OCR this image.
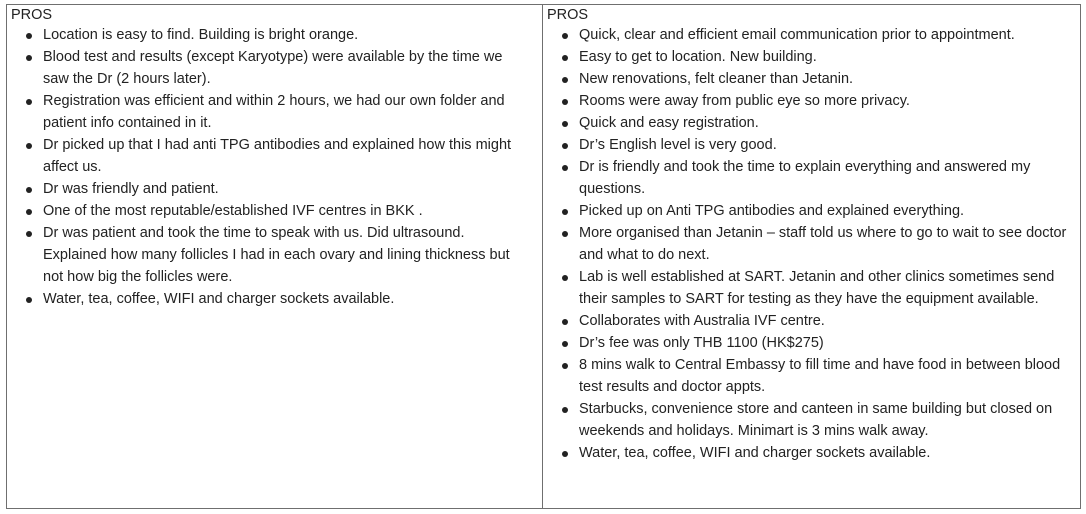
PROS
Location is easy to find. Building is bright orange.
Blood test and results (except Karyotype) were available by the time we saw the Dr (2 hours later).
Registration was efficient and within 2 hours, we had our own folder and patient info contained in it.
Dr picked up that I had anti TPG antibodies and explained how this might affect us.
Dr was friendly and patient.
One of the most reputable/established IVF centres in BKK .
Dr was patient and took the time to speak with us. Did ultrasound. Explained how many follicles I had in each ovary and lining thickness but not how big the follicles were.
Water, tea, coffee, WIFI and charger sockets available.
PROS
Quick, clear and efficient email communication prior to appointment.
Easy to get to location. New building.
New renovations, felt cleaner than Jetanin.
Rooms were away from public eye so more privacy.
Quick and easy registration.
Dr’s English level is very good.
Dr is friendly and took the time to explain everything and answered my questions.
Picked up on Anti TPG antibodies and explained everything.
More organised than Jetanin – staff told us where to go to wait to see doctor and what to do next.
Lab is well established at SART. Jetanin and other clinics sometimes send their samples to SART for testing as they have the equipment available.
Collaborates with Australia IVF centre.
Dr’s fee was only THB 1100 (HK$275)
8 mins walk to Central Embassy to fill time and have food in between blood test results and doctor appts.
Starbucks, convenience store and canteen in same building but closed on weekends and holidays. Minimart is 3 mins walk away.
Water, tea, coffee, WIFI and charger sockets available.
